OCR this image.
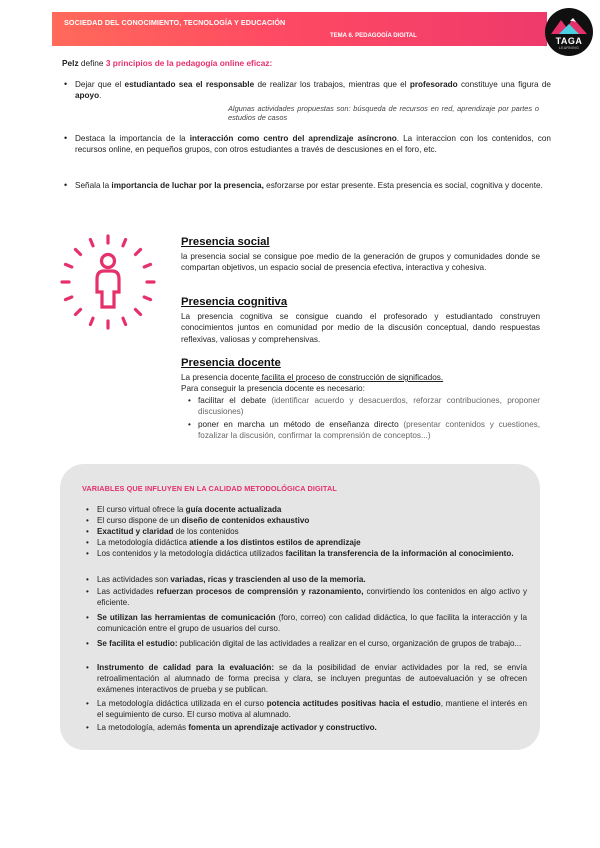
SOCIEDAD DEL CONOCIMIENTO, TECNOLOGÍA Y EDUCACIÓN
TEMA 6. PEDAGOGÍA DIGITAL	TAGA
LEARNING
Pelz define 3 principios de la pedagogía online eficaz:
• Dejar que el estudiantado sea el responsable de realizar los trabajos, mientras que el profesorado constituye una figura de apoyo.
Algunas actividades propuestas son: búsqueda de recursos en red, aprendizaje por partes o estudios de casos
• Destaca la importancia de la interacción como centro del aprendizaje asíncrono. La interaccion con los contenidos, con recursos online, en pequeños grupos, con otros estudiantes a través de descusiones en el foro, etc.
• Señala la importancia de luchar por la presencia, esforzarse por estar presente. Esta presencia es social, cognitiva y docente.
Presencia social
la presencia social se consigue poe medio de la generación de grupos y comunidades donde se compartan objetivos, un espacio social de presencia efectiva, interactiva y cohesiva.
Presencia cognitiva
La presencia cognitiva se consigue cuando el profesorado y estudiantado construyen conocimientos juntos en comunidad por medio de la discusión conceptual, dando respuestas reflexivas, valiosas y comprehensivas.
Presencia docente
La presencia docente facilita el proceso de construcción de significados.
Para conseguir la presencia docente es necesario:
• facilitar el debate (identificar acuerdo y desacuerdos, reforzar contribuciones, proponer discusiones)
• poner en marcha un método de enseñanza directo (presentar contenidos y cuestiones, fozalizar la discusión, confirmar la comprensión de conceptos...)
VARIABLES QUE INFLUYEN EN LA CALIDAD METODOLÓGICA DIGITAL
• El curso virtual ofrece la guía docente actualizada
• El curso dispone de un diseño de contenidos exhaustivo
• Exactitud y claridad de los contenidos
• La metodología didáctica atiende a los distintos estilos de aprendizaje
• Los contenidos y la metodología didáctica utilizados facilitan la transferencia de la información al conocimiento.
• Las actividades son variadas, ricas y trascienden al uso de la memoria.
• Las actividades refuerzan procesos de comprensión y razonamiento, convirtiendo los contenidos en algo activo y eficiente.
• Se utilizan las herramientas de comunicación (foro, correo) con calidad didáctica, lo que facilita la interacción y la comunicación entre el grupo de usuarios del curso.
• Se facilita el estudio: publicación digital de las actividades a realizar en el curso, organización de grupos de trabajo...
• Instrumento de calidad para la evaluación: se da la posibilidad de enviar actividades por la red, se envía retroalimentación al alumnado de forma precisa y clara, se incluyen preguntas de autoevaluación y se ofrecen exámenes interactivos de prueba y se publican.
• La metodología didáctica utilizada en el curso potencia actitudes positivas hacia el estudio, mantiene el interés en el seguimiento de curso. El curso motiva al alumnado.
• La metodología, además fomenta un aprendizaje activador y constructivo.
